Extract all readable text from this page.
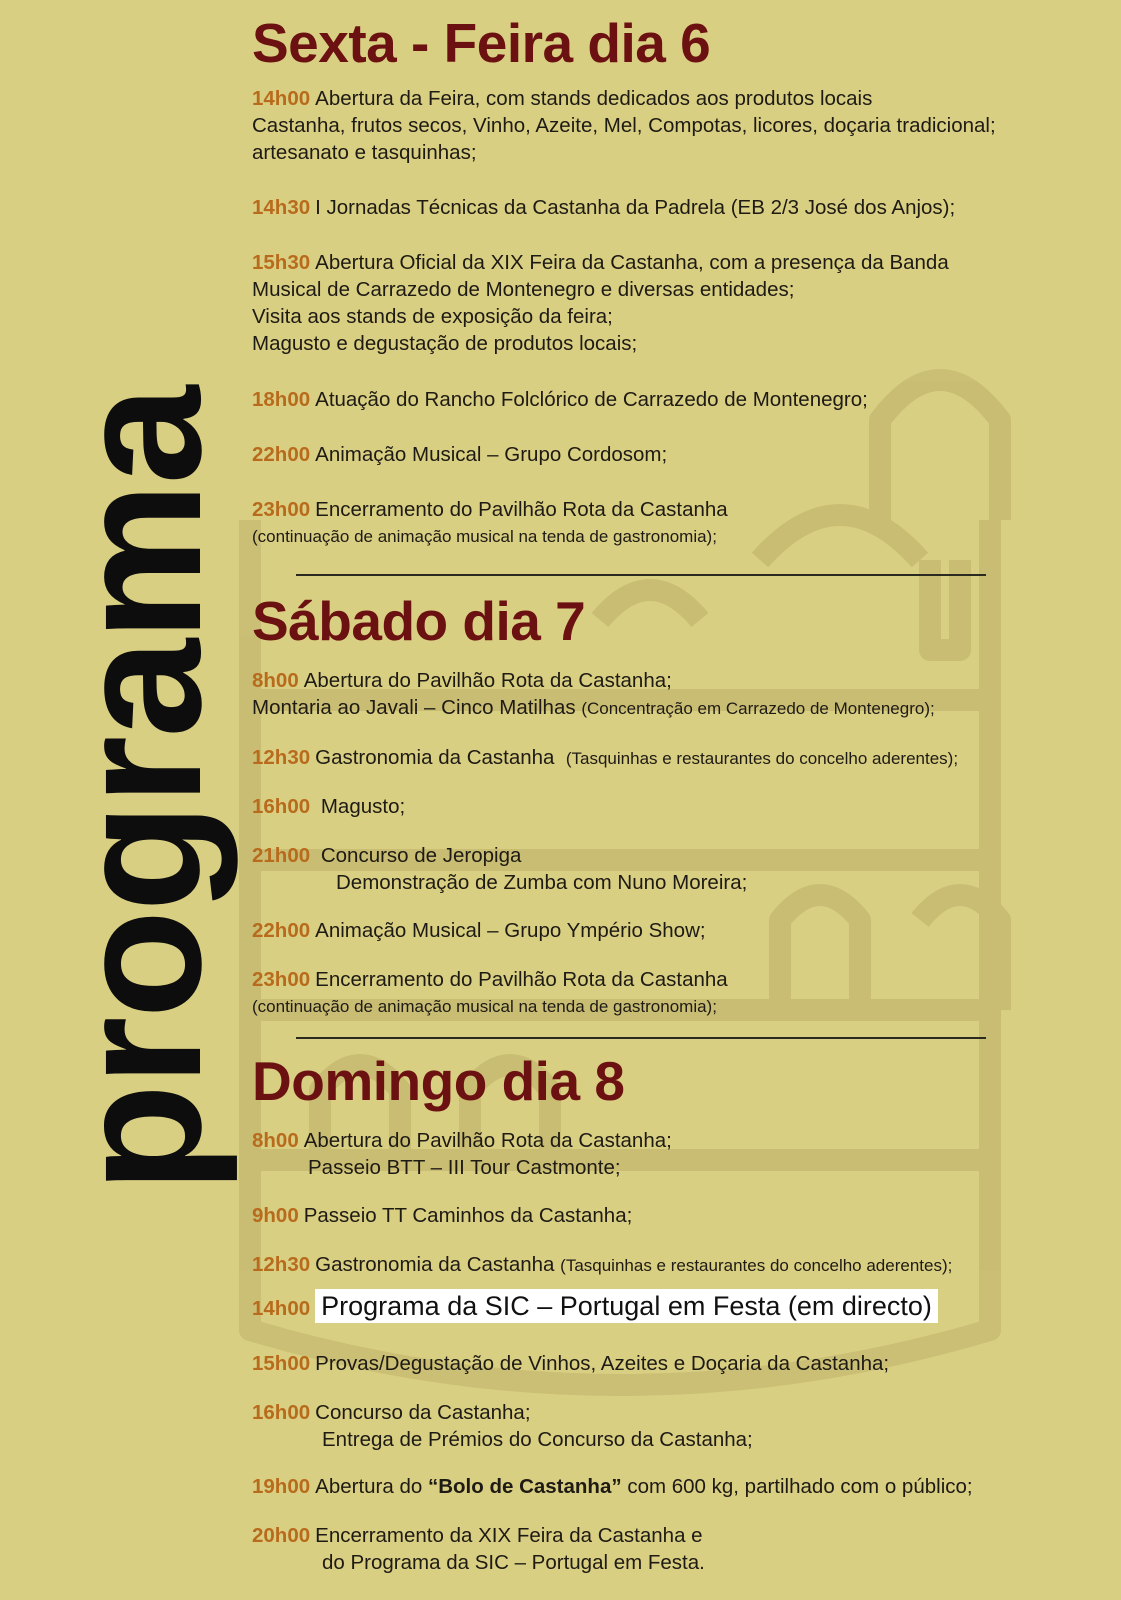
programa
Sexta - Feira dia 6
14h00 Abertura da Feira, com stands dedicados aos produtos locais
Castanha, frutos secos, Vinho, Azeite, Mel, Compotas, licores, doçaria tradicional;
artesanato e tasquinhas;
14h30 I Jornadas Técnicas da Castanha da Padrela (EB 2/3 José dos Anjos);
15h30 Abertura Oficial da XIX Feira da Castanha, com a presença da Banda
Musical de Carrazedo de Montenegro e diversas entidades;
Visita aos stands de exposição da feira;
Magusto e degustação de produtos locais;
18h00 Atuação do Rancho Folclórico de Carrazedo de Montenegro;
22h00 Animação Musical – Grupo Cordosom;
23h00 Encerramento do Pavilhão Rota da Castanha
(continuação de animação musical na tenda de gastronomia);
Sábado dia 7
8h00 Abertura do Pavilhão Rota da Castanha;
Montaria ao Javali – Cinco Matilhas (Concentração em Carrazedo de Montenegro);
12h30 Gastronomia da Castanha (Tasquinhas e restaurantes do concelho aderentes);
16h00 Magusto;
21h00 Concurso de Jeropiga
Demonstração de Zumba com Nuno Moreira;
22h00 Animação Musical – Grupo Ympério Show;
23h00 Encerramento do Pavilhão Rota da Castanha
(continuação de animação musical na tenda de gastronomia);
Domingo dia 8
8h00 Abertura do Pavilhão Rota da Castanha;
Passeio BTT – III Tour Castmonte;
9h00 Passeio TT Caminhos da Castanha;
12h30 Gastronomia da Castanha (Tasquinhas e restaurantes do concelho aderentes);
14h00 Programa da SIC – Portugal em Festa (em directo)
15h00 Provas/Degustação de Vinhos, Azeites e Doçaria da Castanha;
16h00 Concurso da Castanha;
Entrega de Prémios do Concurso da Castanha;
19h00 Abertura do “Bolo de Castanha” com 600 kg, partilhado com o público;
20h00 Encerramento da XIX Feira da Castanha e
do Programa da SIC – Portugal em Festa.
